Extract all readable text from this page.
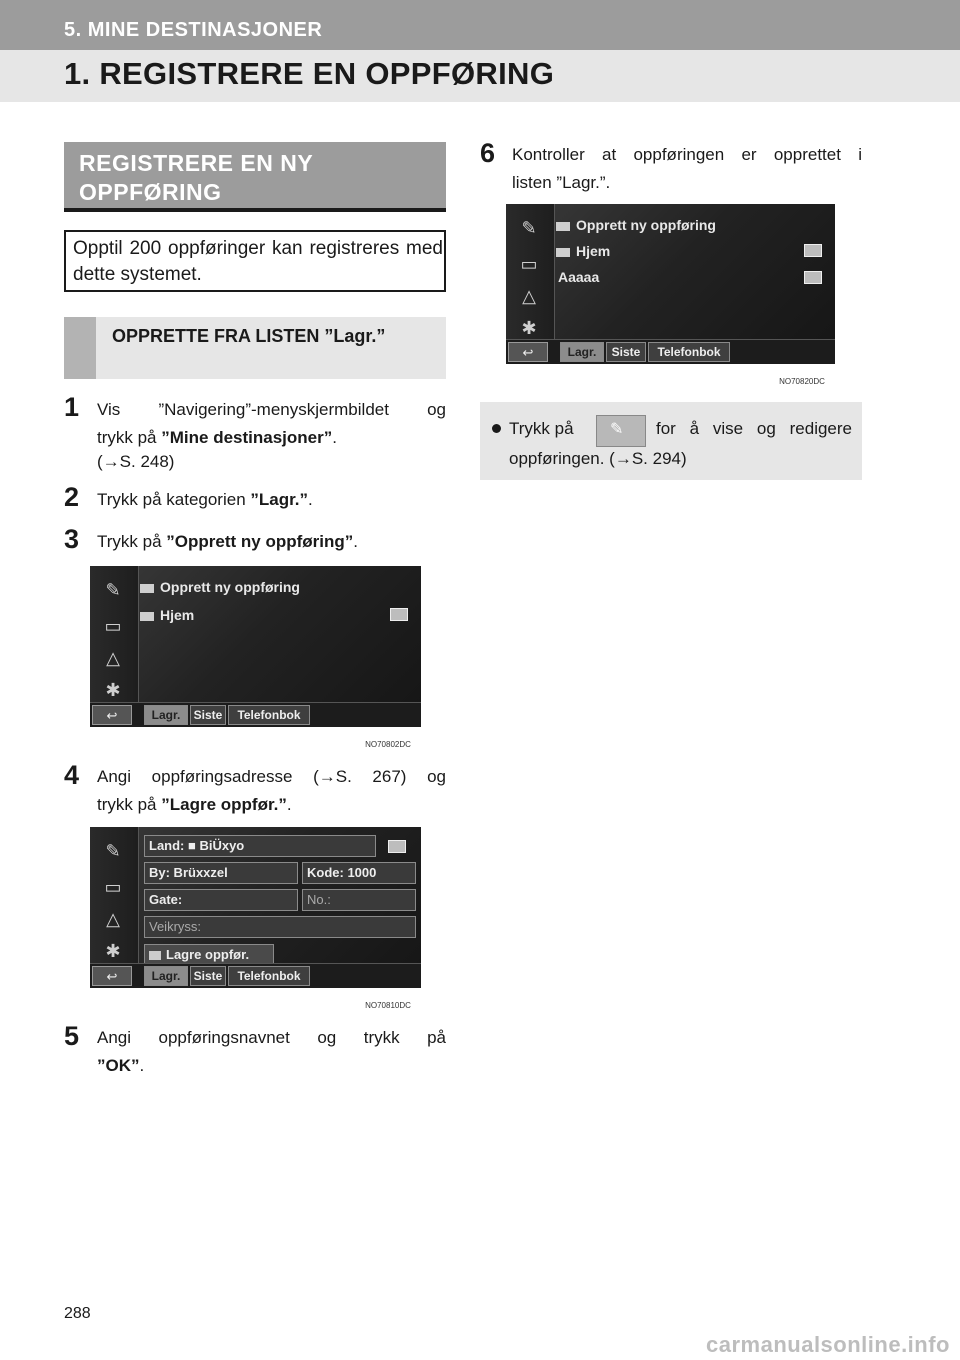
5. MINE DESTINASJONER
1. REGISTRERE EN OPPFØRING
REGISTRERE EN NY OPPFØRING
Opptil 200 oppføringer kan registreres med dette systemet.
OPPRETTE FRA LISTEN ”Lagr.”
1 Vis ”Navigering”-menyskjermbildet og
trykk på ”Mine destinasjoner”.
(→S. 248)
2 Trykk på kategorien ”Lagr.”.
3 Trykk på ”Opprett ny oppføring”.
✎
▭
△
✱
Opprett ny oppføring
Hjem
↩	Lagr.	Siste	Telefonbok
NO70802DC
4 Angi oppføringsadresse (→S. 267) og
trykk på ”Lagre oppfør.”.
✎
▭
△
✱
Land: ■ BiÜxyo
By: Brüxxzel	Kode: 1000
Gate:	No.:
Veikryss:
Lagre oppfør.
↩	Lagr.	Siste	Telefonbok
NO70810DC
5 Angi oppføringsnavnet og trykk på
”OK”.
6 Kontroller at oppføringen er opprettet i
listen ”Lagr.”.
✎
▭
△
✱
Opprett ny oppføring
Hjem
Aaaaa
↩	Lagr.	Siste	Telefonbok
NO70820DC
Trykk på ✎	for å vise og redigere
oppføringen. (→S. 294)
288
carmanualsonline.info
